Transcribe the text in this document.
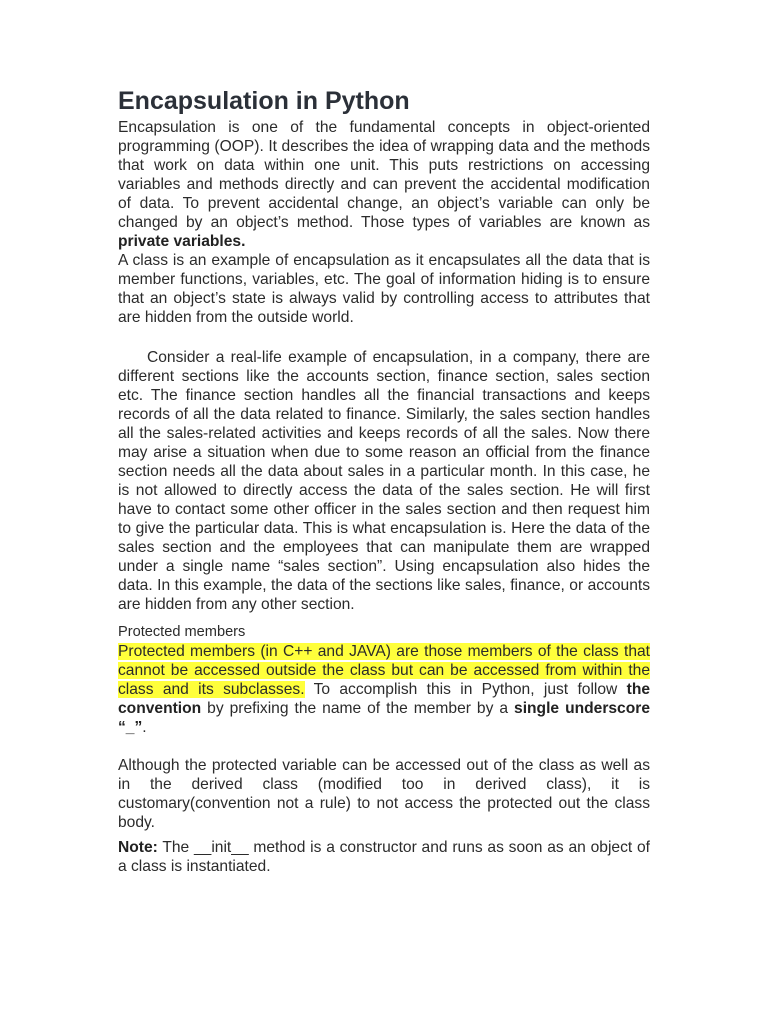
Encapsulation in Python

Encapsulation is one of the fundamental concepts in object-oriented programming (OOP). It describes the idea of wrapping data and the methods that work on data within one unit. This puts restrictions on accessing variables and methods directly and can prevent the accidental modification of data. To prevent accidental change, an object’s variable can only be changed by an object’s method. Those types of variables are known as private variables.

A class is an example of encapsulation as it encapsulates all the data that is member functions, variables, etc. The goal of information hiding is to ensure that an object’s state is always valid by controlling access to attributes that are hidden from the outside world.

Consider a real-life example of encapsulation, in a company, there are different sections like the accounts section, finance section, sales section etc. The finance section handles all the financial transactions and keeps records of all the data related to finance. Similarly, the sales section handles all the sales-related activities and keeps records of all the sales. Now there may arise a situation when due to some reason an official from the finance section needs all the data about sales in a particular month. In this case, he is not allowed to directly access the data of the sales section. He will first have to contact some other officer in the sales section and then request him to give the particular data. This is what encapsulation is. Here the data of the sales section and the employees that can manipulate them are wrapped under a single name “sales section”. Using encapsulation also hides the data. In this example, the data of the sections like sales, finance, or accounts are hidden from any other section.

Protected members

Protected members (in C++ and JAVA) are those members of the class that cannot be accessed outside the class but can be accessed from within the class and its subclasses. To accomplish this in Python, just follow the convention by prefixing the name of the member by a single underscore “_”.

Although the protected variable can be accessed out of the class as well as in the derived class (modified too in derived class), it is customary(convention not a rule) to not access the protected out the class body.

Note: The __init__ method is a constructor and runs as soon as an object of a class is instantiated.
